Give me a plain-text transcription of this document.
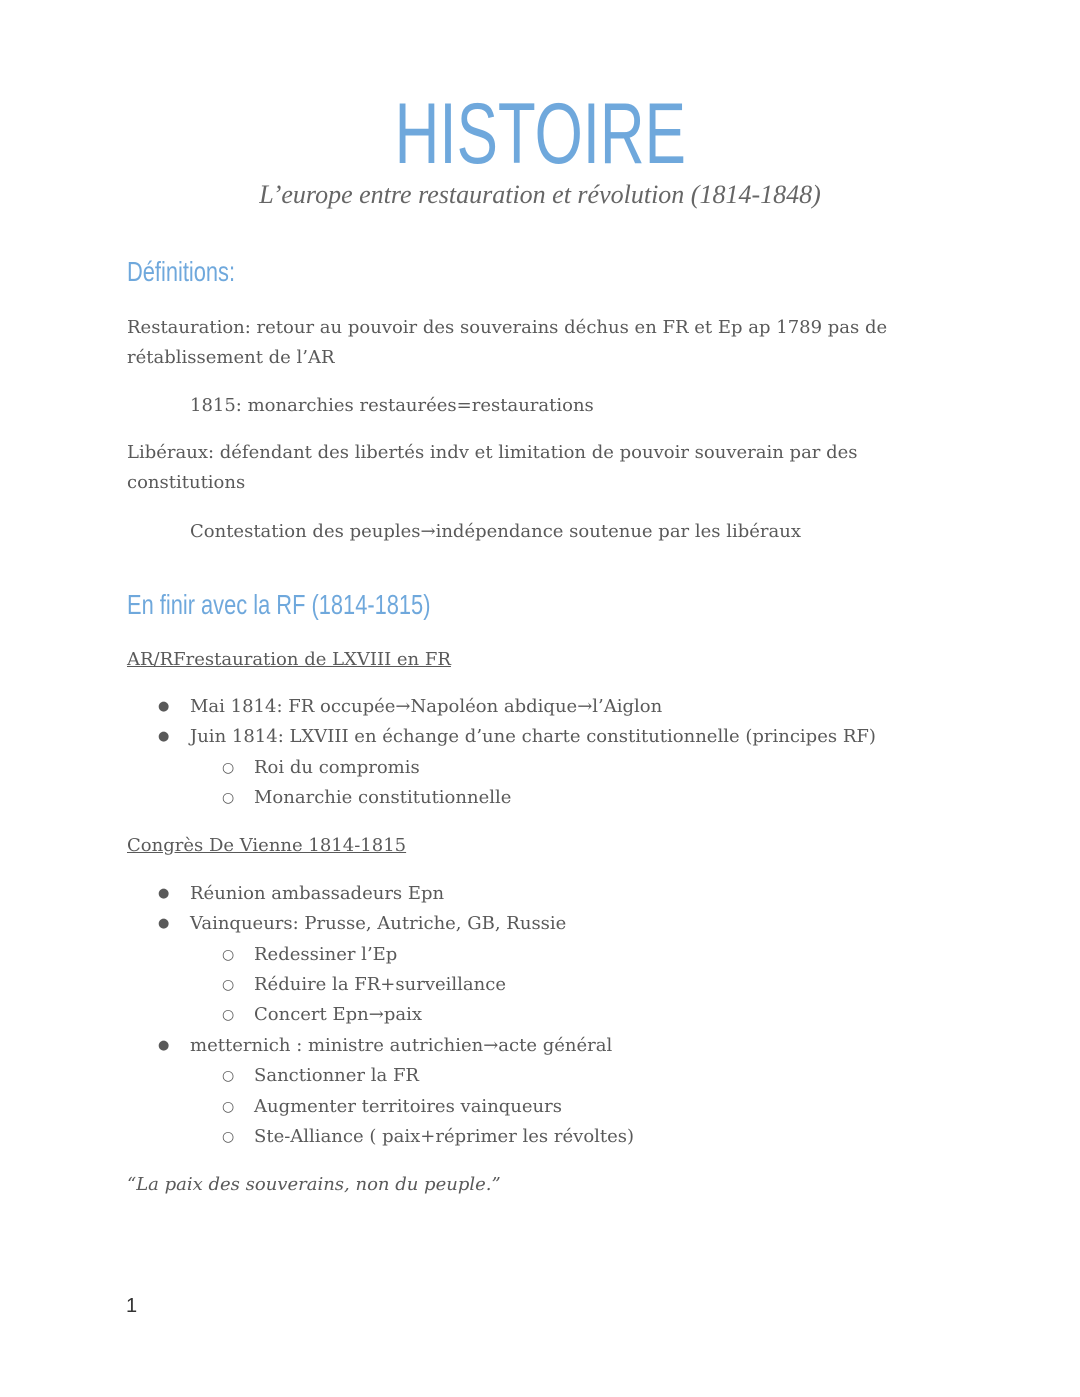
HISTOIRE
L’europe entre restauration et révolution (1814-1848)
Définitions:
Restauration: retour au pouvoir des souverains déchus en FR et Ep ap 1789 pas de rétablissement de l’AR
1815: monarchies restaurées=restaurations
Libéraux: défendant des libertés indv et limitation de pouvoir souverain par des constitutions
Contestation des peuples→indépendance soutenue par les libéraux
En finir avec la RF (1814-1815)
AR/RFrestauration de LXVIII en FR
● Mai 1814: FR occupée→Napoléon abdique→l’Aiglon
● Juin 1814: LXVIII en échange d’une charte constitutionnelle (principes RF)
○ Roi du compromis
○ Monarchie constitutionnelle
Congrès De Vienne 1814-1815
● Réunion ambassadeurs Epn
● Vainqueurs: Prusse, Autriche, GB, Russie
○ Redessiner l’Ep
○ Réduire la FR+surveillance
○ Concert Epn→paix
● metternich : ministre autrichien→acte général
○ Sanctionner la FR
○ Augmenter territoires vainqueurs
○ Ste-Alliance ( paix+réprimer les révoltes)
“La paix des souverains, non du peuple.”
1
